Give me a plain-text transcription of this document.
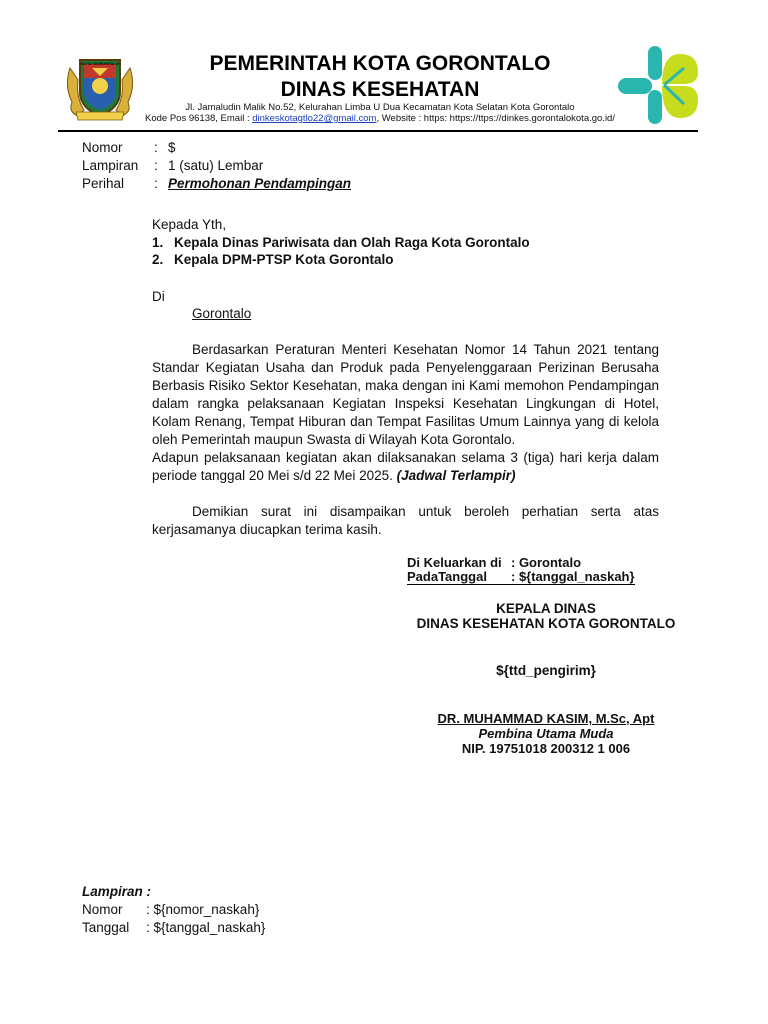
KOTA GORONTALO	PEMERINTAH KOTA GORONTALO
DINAS KESEHATAN
Jl. Jamaludin Malik No.52, Kelurahan Limba U Dua Kecamatan Kota Selatan Kota Gorontalo
Kode Pos 96138, Email : dinkeskotagtlo22@gmail.com, Website : https: https://ttps://dinkes.gorontalokota.go.id/
Nomor : $
Lampiran : 1 (satu) Lembar
Perihal : Permohonan Pendampingan
Kepada Yth,
1. Kepala Dinas Pariwisata dan Olah Raga Kota Gorontalo
2. Kepala DPM-PTSP Kota Gorontalo
Di
Gorontalo

Berdasarkan Peraturan Menteri Kesehatan Nomor 14 Tahun 2021 tentang Standar Kegiatan Usaha dan Produk pada Penyelenggaraan Perizinan Berusaha Berbasis Risiko Sektor Kesehatan, maka dengan ini Kami memohon Pendampingan dalam rangka pelaksanaan Kegiatan Inspeksi Kesehatan Lingkungan di Hotel, Kolam Renang, Tempat Hiburan dan Tempat Fasilitas Umum Lainnya yang di kelola oleh Pemerintah maupun Swasta di Wilayah Kota Gorontalo.

Adapun pelaksanaan kegiatan akan dilaksanakan selama 3 (tiga) hari kerja dalam periode tanggal 20 Mei s/d 22 Mei 2025. (Jadwal Terlampir)

Demikian surat ini disampaikan untuk beroleh perhatian serta atas kerjasamanya diucapkan terima kasih.

Di Keluarkan di : Gorontalo
PadaTanggal : ${tanggal_naskah}
KEPALA DINAS
DINAS KESEHATAN KOTA GORONTALO
${ttd_pengirim}
DR. MUHAMMAD KASIM, M.Sc, Apt
Pembina Utama Muda
NIP. 19751018 200312 1 006
Lampiran :
Nomor : ${nomor_naskah}
Tanggal : ${tanggal_naskah}
